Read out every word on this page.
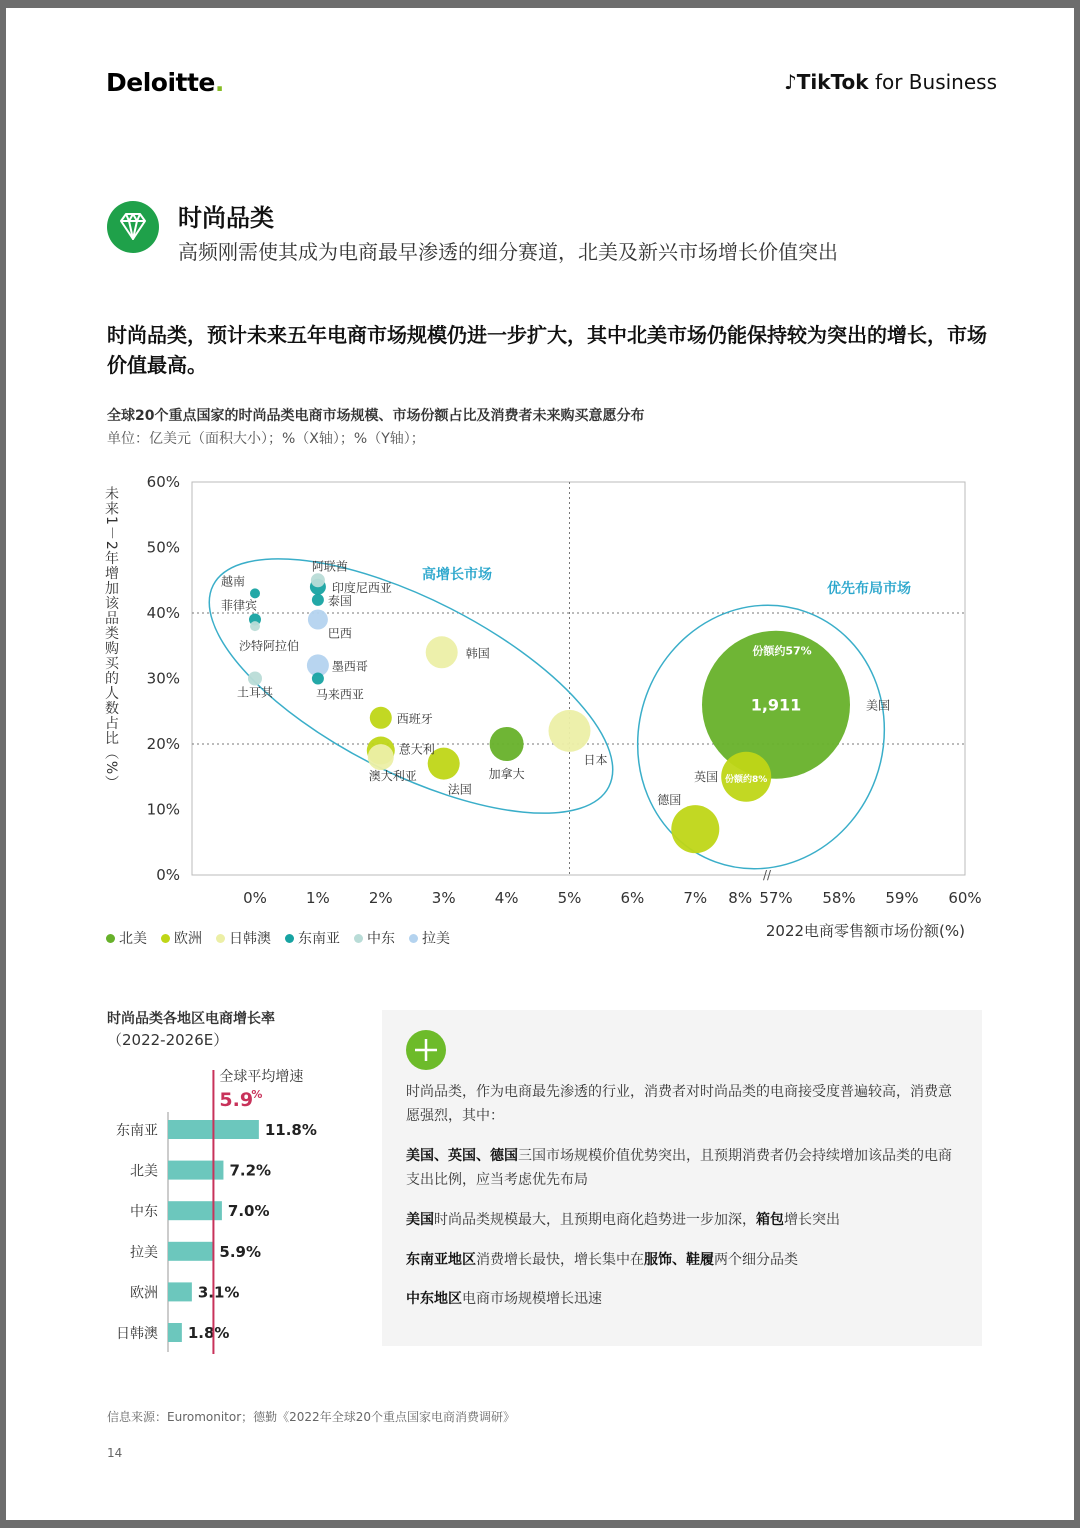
Deloitte.	♪TikTok for Business
时尚品类
高频刚需使其成为电商最早渗透的细分赛道，北美及新兴市场增长价值突出
时尚品类，预计未来五年电商市场规模仍进一步扩大，其中北美市场仍能保持较为突出的增长，市场价值最高。
全球20个重点国家的时尚品类电商市场规模、市场份额占比及消费者未来购买意愿分布
单位：亿美元（面积大小）；%（X轴）；%（Y轴）；
0%	1%	2%	3%	4%	5%	6%	7% 8% 57% 58% 59% 60%
//
0%
10%
20%
30%
40%
50%
60%
2022电商零售额市场份额(%)
未来1－2年增加该品类购买的人数占比（%）	高增长市场
优先布局市场
美国
1,911
份额约57%
日本
德国
英国 份额约8%
加拿大
法国
韩国
意大利
澳大利亚
西班牙
墨西哥
巴西
印度尼西亚
阿联酋
土耳其
泰国
马来西亚
菲律宾
越南
沙特阿拉伯
北美 欧洲 日韩澳 东南亚 中东 拉美
时尚品类各地区电商增长率
（2022-2026E）
东南亚	11.8%
北美	7.2%
中东	7.0%
拉美	5.9%
欧洲	3.1%
日韩澳 1.8%
全球平均增速
5.9
%	时尚品类，作为电商最先渗透的行业，消费者对时尚品类的电商接受度普遍较高，消费意愿强烈，其中：
美国、英国、德国三国市场规模价值优势突出，且预期消费者仍会持续增加该品类的电商支出比例，应当考虑优先布局
美国时尚品类规模最大，且预期电商化趋势进一步加深，箱包增长突出
东南亚地区消费增长最快，增长集中在服饰、鞋履两个细分品类
中东地区电商市场规模增长迅速
信息来源：Euromonitor；德勤《2022年全球20个重点国家电商消费调研》
14
